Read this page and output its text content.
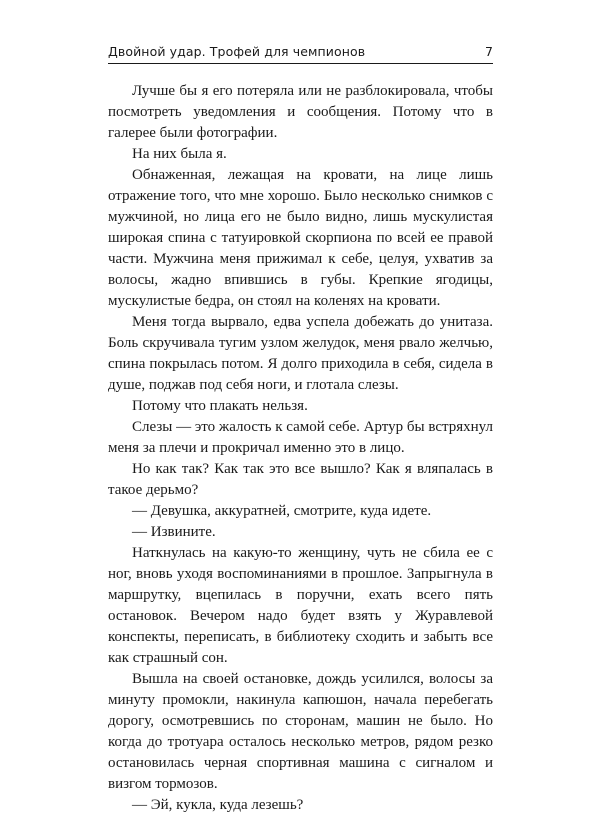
Двойной удар. Трофей для чемпионов	7

Лучше бы я его потеряла или не разблокировала, чтобы посмотреть уведомления и сообщения. Потому что в галерее были фотографии.

На них была я.

Обнаженная, лежащая на кровати, на лице лишь отражение того, что мне хорошо. Было несколько снимков с мужчиной, но лица его не было видно, лишь мускулистая широкая спина с татуировкой скорпиона по всей ее правой части. Мужчина меня прижимал к себе, целуя, ухватив за волосы, жадно впившись в губы. Крепкие ягодицы, мускулистые бедра, он стоял на коленях на кровати.

Меня тогда вырвало, едва успела добежать до унитаза. Боль скручивала тугим узлом желудок, меня рвало желчью, спина покрылась потом. Я долго приходила в себя, сидела в душе, поджав под себя ноги, и глотала слезы.

Потому что плакать нельзя.

Слезы — это жалость к самой себе. Артур бы встряхнул меня за плечи и прокричал именно это в лицо.

Но как так? Как так это все вышло? Как я вляпалась в такое дерьмо?

— Девушка, аккуратней, смотрите, куда идете.

— Извините.

Наткнулась на какую-то женщину, чуть не сбила ее с ног, вновь уходя воспоминаниями в прошлое. Запрыгнула в маршрутку, вцепилась в поручни, ехать всего пять остановок. Вечером надо будет взять у Журавлевой конспекты, переписать, в библиотеку сходить и забыть все как страшный сон.

Вышла на своей остановке, дождь усилился, волосы за минуту промокли, накинула капюшон, начала перебегать дорогу, осмотревшись по сторонам, машин не было. Но когда до тротуара осталось несколько метров, рядом резко остановилась черная спортивная машина с сигналом и визгом тормозов.

— Эй, кукла, куда лезешь?
